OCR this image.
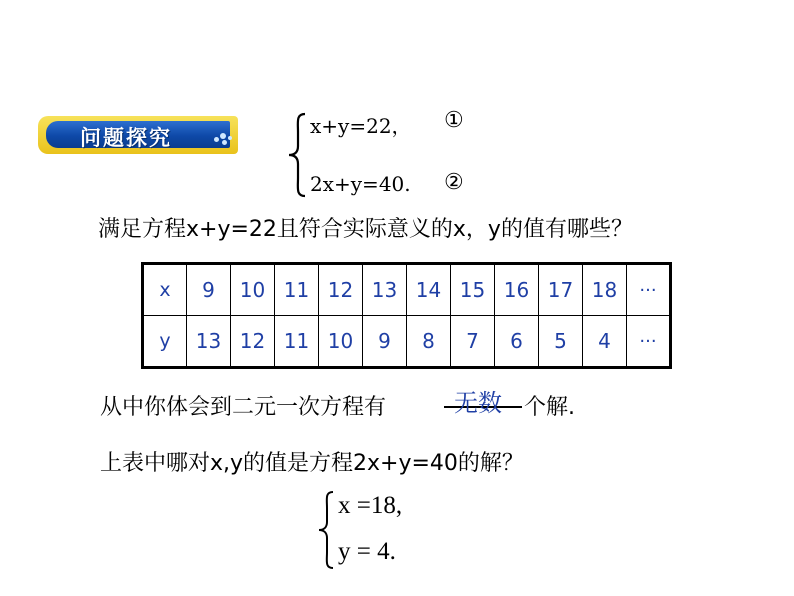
问题探究	x+y=22， ①
2x+y=40. ②
满足方程x+y=22且符合实际意义的x，y的值有哪些？
x	9	10	11	12	13	14	15	16	17	18	···
y	13	12	11	10	9	8	7	6	5	4	···
从中你体会到二元一次方程有	无数 个解.
上表中哪对x,y的值是方程2x+y=40的解？
x =18,
y = 4.
